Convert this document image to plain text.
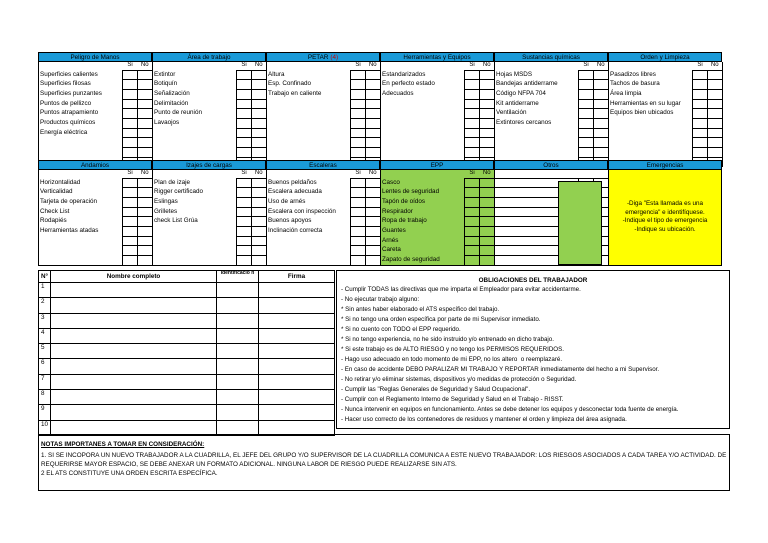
Peligro de Manos
	Si	No
Superficies calientes		
Superficies filosas		
Superficies punzantes		
Puntos de pellizco		
Puntos atrapamiento		
Productos químicos		
Energía eléctrica		

Área de trabajo
	Si	No
Extintor		
Botiquín		
Señalización		
Delimitación		
Punto de reunión		
Lavaojos		

PETAR (4)
	Si	No
Altura		
Esp. Confinado		
Trabajo en caliente		

Herramientas y Equipos
	Si	No
Estandarizados		
En perfecto estado		
Adecuados		

Sustancias químicas
	Si	No
Hojas MSDS		
Bandejas antiderrame		
Código NFPA 704		
Kit antiderrame		
Ventilación		
Extintores cercanos		

Orden y Limpieza
	Si	No
Pasadizos libres		
Tachos de basura		
Área limpia		
Herramientas en su lugar		
Equipos bien ubicados		

Andamios
	Si	No
Horizontalidad		
Verticalidad		
Tarjeta de operación		
Check List		
Rodapiés		
Herramientas atadas		

Izajes de cargas
	Si	No
Plan de izaje		
Rigger certificado		
Eslingas		
Grilletes		
check List Grúa		

Escaleras
	Si	No
Buenos peldaños		
Escalera adecuada		
Uso de arnés		
Escalera con inspección		
Buenos apoyos		
Inclinación correcta		

EPP
	Si	No
Casco		
Lentes de seguridad		
Tapón de oídos		
Respirador		
Ropa de trabajo		
Guantes		
Arnés		
Careta		
Zapato de seguridad		
Otros

			Emergencias
-Diga "Esta llamada es una
emergencia" e identifíquese.
-Indique el tipo de emergencia
-Indique su ubicación.
N°	Nombre completo	Identificació n	Firma
1			
2			
3			
4			
5			
6			
7			
8			
9			
10			
OBLIGACIONES DEL TRABAJADOR
- Cumplir TODAS las directivas que me imparta el Empleador para evitar accidentarme.
- No ejecutar trabajo alguno:
* Sin antes haber elaborado el ATS específico del trabajo.
* Si no tengo una orden específica por parte de mi Supervisor inmediato.
* Si no cuento con TODO el EPP requerido.
* Si no tengo experiencia, no he sido instruido y/o entrenado en dicho trabajo.
* Si este trabajo es de ALTO RIESGO y no tengo los PERMISOS REQUERIDOS.
- Hago uso adecuado en todo momento de mi EPP, no los altero  o reemplazaré.
- En caso de accidente DEBO PARALIZAR MI TRABAJO Y REPORTAR inmediatamente del hecho a mi Supervisor.
- No retirar y/o eliminar sistemas, dispositivos y/o medidas de protección o Seguridad.
- Cumplir las "Reglas Generales de Seguridad y Salud Ocupacional".
- Cumplir con el Reglamento Interno de Seguridad y Salud en el Trabajo - RISST.
- Nunca intervenir en equipos en funcionamiento. Antes se debe detener los equipos y desconectar toda fuente de energía.
- Hacer uso correcto de los contenedores de residuos y mantener el orden y limpieza del área asignada.
NOTAS IMPORTANES A TOMAR EN CONSIDERACIÓN:
1. SI SE INCOPORA UN NUEVO TRABAJADOR A LA CUADRILLA, EL JEFE DEL GRUPO Y/O SUPERVISOR DE LA CUADRILLA COMUNICA A ESTE NUEVO TRABAJADOR: LOS RIESGOS ASOCIADOS A CADA TAREA Y/O ACTIVIDAD. DE
REQUERIRSE MAYOR ESPACIO, SE DEBE ANEXAR UN FORMATO ADICIONAL. NINGUNA LABOR DE RIESGO PUEDE REALIZARSE SIN ATS.
2 EL ATS CONSTITUYE UNA ORDEN ESCRITA ESPECÍFICA.
